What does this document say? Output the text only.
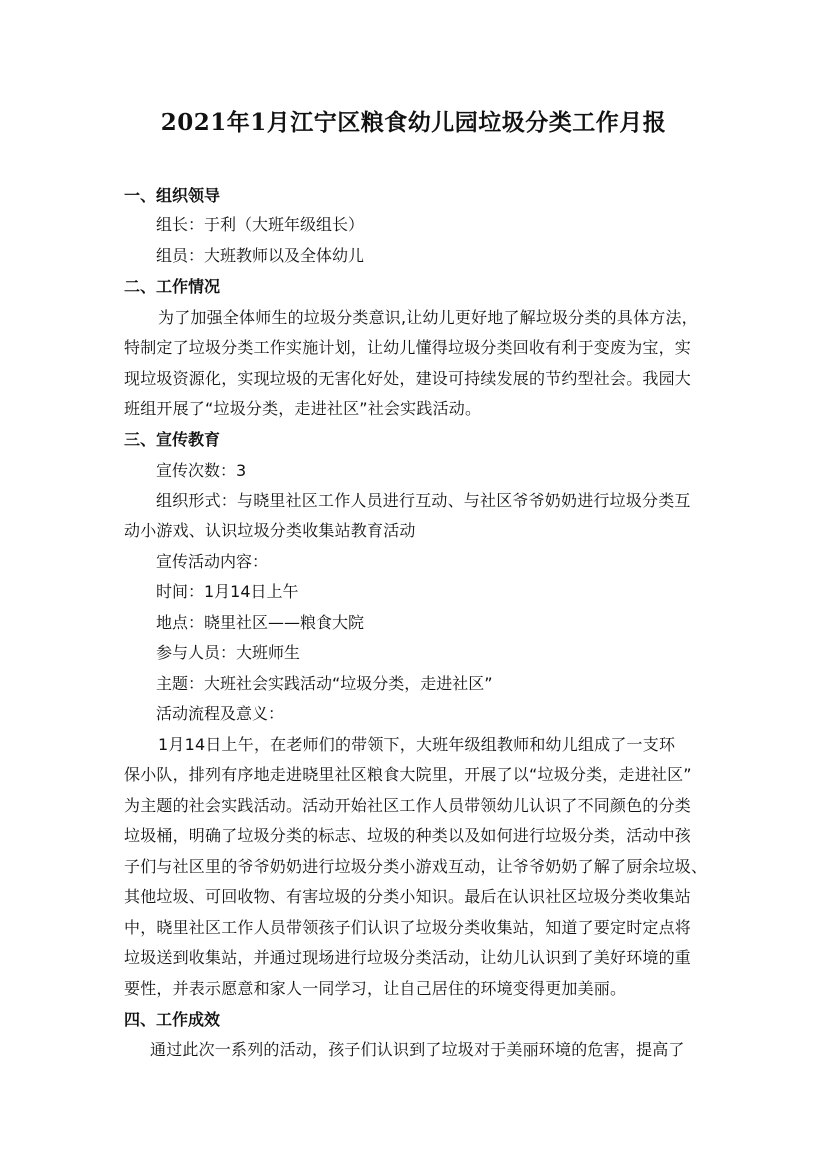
2021年1月江宁区粮食幼儿园垃圾分类工作月报
一、组织领导
组长：于利（大班年级组长）
组员：大班教师以及全体幼儿
二、工作情况
为了加强全体师生的垃圾分类意识,让幼儿更好地了解垃圾分类的具体方法，
特制定了垃圾分类工作实施计划，让幼儿懂得垃圾分类回收有利于变废为宝，实
现垃圾资源化，实现垃圾的无害化好处，建设可持续发展的节约型社会。我园大
班组开展了“垃圾分类，走进社区”社会实践活动。
三、宣传教育
宣传次数：3
组织形式：与晓里社区工作人员进行互动、与社区爷爷奶奶进行垃圾分类互
动小游戏、认识垃圾分类收集站教育活动
宣传活动内容：
时间：1月14日上午
地点：晓里社区——粮食大院
参与人员：大班师生
主题：大班社会实践活动“垃圾分类，走进社区”
活动流程及意义：
1月14日上午，在老师们的带领下，大班年级组教师和幼儿组成了一支环
保小队，排列有序地走进晓里社区粮食大院里，开展了以“垃圾分类，走进社区”
为主题的社会实践活动。活动开始社区工作人员带领幼儿认识了不同颜色的分类
垃圾桶，明确了垃圾分类的标志、垃圾的种类以及如何进行垃圾分类，活动中孩
子们与社区里的爷爷奶奶进行垃圾分类小游戏互动，让爷爷奶奶了解了厨余垃圾、
其他垃圾、可回收物、有害垃圾的分类小知识。最后在认识社区垃圾分类收集站
中，晓里社区工作人员带领孩子们认识了垃圾分类收集站，知道了要定时定点将
垃圾送到收集站，并通过现场进行垃圾分类活动，让幼儿认识到了美好环境的重
要性，并表示愿意和家人一同学习，让自己居住的环境变得更加美丽。
四、工作成效
通过此次一系列的活动，孩子们认识到了垃圾对于美丽环境的危害，提高了
